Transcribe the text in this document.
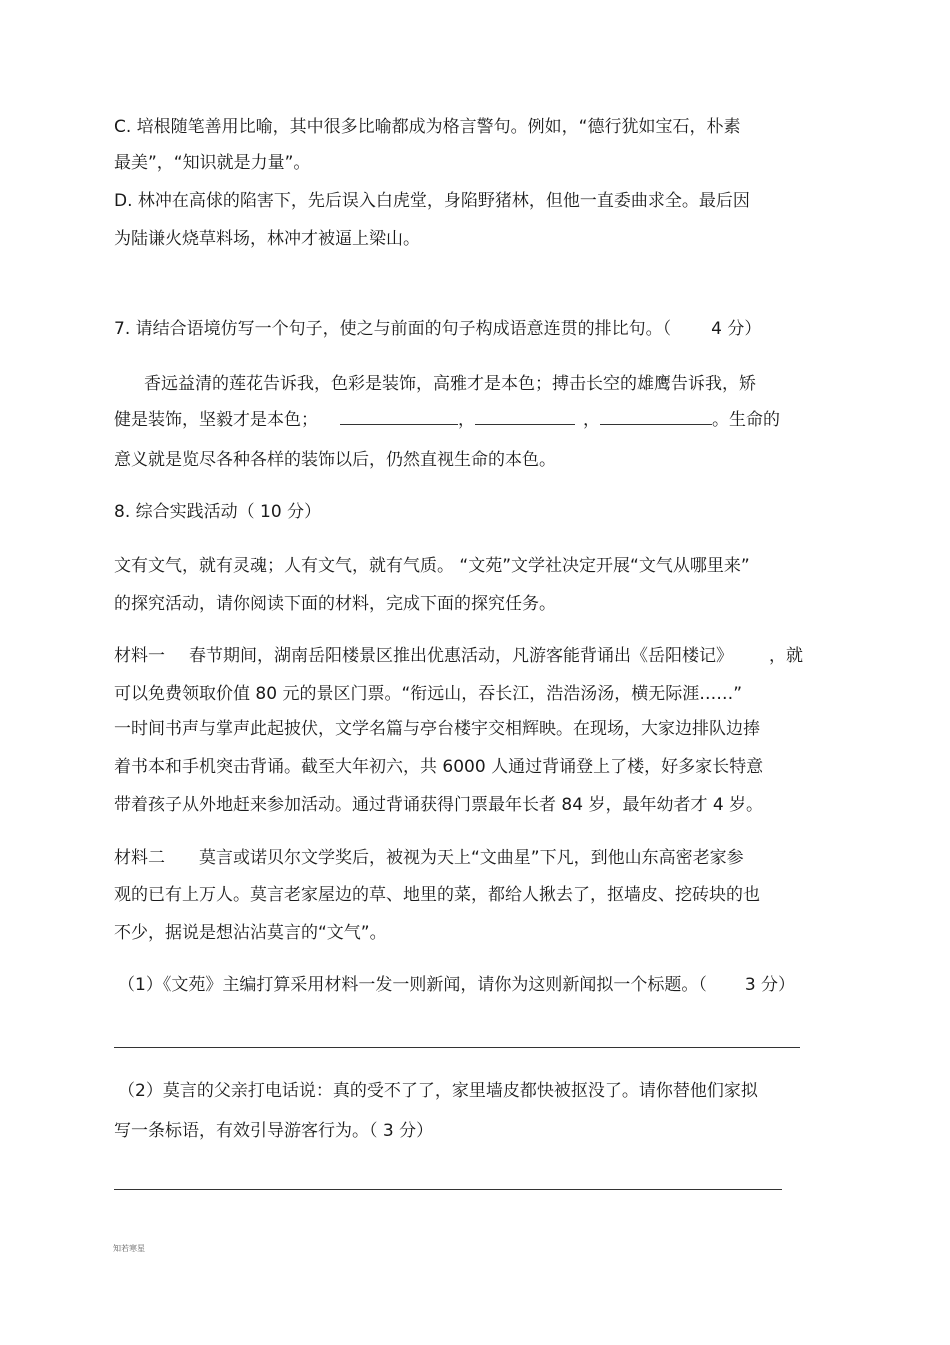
C. 培根随笔善用比喻，其中很多比喻都成为格言警句。例如，“德行犹如宝石，朴素
最美”，“知识就是力量”。
D. 林冲在高俅的陷害下，先后误入白虎堂，身陷野猪林，但他一直委曲求全。最后因
为陆谦火烧草料场，林冲才被逼上梁山。
7. 请结合语境仿写一个句子，使之与前面的句子构成语意连贯的排比句。（ 4 分）
香远益清的莲花告诉我，色彩是装饰，高雅才是本色；搏击长空的雄鹰告诉我，矫
健是装饰，坚毅才是本色；	，	，	。生命的
意义就是览尽各种各样的装饰以后，仍然直视生命的本色。
8. 综合实践活动（ 10 分）
文有文气，就有灵魂；人有文气，就有气质。 “文苑”文学社决定开展“文气从哪里来”
的探究活动，请你阅读下面的材料，完成下面的探究任务。
材料一 春节期间，湖南岳阳楼景区推出优惠活动，凡游客能背诵出《岳阳楼记》 ，就
可以免费领取价值 80 元的景区门票。“衔远山，吞长江，浩浩汤汤，横无际涯……”
一时间书声与掌声此起披伏，文学名篇与亭台楼宇交相辉映。在现场，大家边排队边捧
着书本和手机突击背诵。截至大年初六，共 6000 人通过背诵登上了楼，好多家长特意
带着孩子从外地赶来参加活动。通过背诵获得门票最年长者 84 岁，最年幼者才 4 岁。
材料二 莫言或诺贝尔文学奖后，被视为天上“文曲星”下凡，到他山东高密老家参
观的已有上万人。莫言老家屋边的草、地里的菜，都给人揪去了，抠墙皮、挖砖块的也
不少，据说是想沾沾莫言的“文气”。
（1）《文苑》主编打算采用材料一发一则新闻，请你为这则新闻拟一个标题。（ 3 分）
（2）莫言的父亲打电话说：真的受不了了，家里墙皮都快被抠没了。请你替他们家拟
写一条标语，有效引导游客行为。（ 3 分）
知若寒星
